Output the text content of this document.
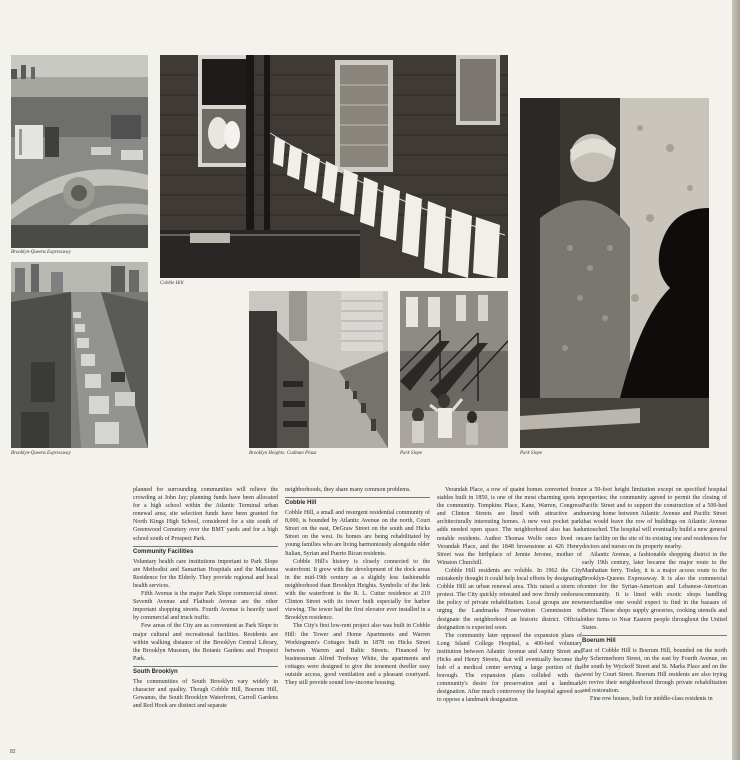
Brooklyn-Queens Expressway
Cobble Hill
Brooklyn-Queens Expressway	Brooklyn Heights: Cadman Plaza	Park Slope	Park Slope

planned for surrounding communities will relieve the crowding at John Jay; planning funds have been allocated for a high school within the Atlantic Terminal urban renewal area; site selection funds have been granted for North Kings High School, considered for a site south of Greenwood Cemetery over the BMT yards and for a high school south of Prospect Park.

Community Facilities

Voluntary health care institutions important to Park Slope are Methodist and Samaritan Hospitals and the Madonna Residence for the Elderly. They provide regional and local health services.

Fifth Avenue is the major Park Slope commercial street. Seventh Avenue and Flatbush Avenue are the other important shopping streets. Fourth Avenue is heavily used by commercial and truck traffic.

Few areas of the City are as convenient as Park Slope to major cultural and recreational facilities. Residents are within walking distance of the Brooklyn Central Library, the Brooklyn Museum, the Botanic Gardens and Prospect Park.

South Brooklyn

The communities of South Brooklyn vary widely in character and quality. Though Cobble Hill, Boerum Hill, Gowanus, the South Brooklyn Waterfront, Carroll Gardens and Red Hook are distinct and separate

neighborhoods, they share many common problems.

Cobble Hill

Cobble Hill, a small and resurgent residential community of 8,000, is bounded by Atlantic Avenue on the north, Court Street on the east, DeGraw Street on the south and Hicks Street on the west. Its homes are being rehabilitated by young families who are living harmoniously alongside older Italian, Syrian and Puerto Rican residents.

Cobble Hill's history is closely connected to the waterfront. It grew with the development of the dock areas in the mid-19th century as a slightly less fashionable neighborhood than Brooklyn Heights. Symbolic of the link with the waterfront is the R. L. Cutter residence at 219 Clinton Street with its tower built especially for harbor viewing. The tower had the first elevator ever installed in a Brooklyn residence.

The City's first low-rent project also was built in Cobble Hill: the Tower and Home Apartments and Warren Workingmen's Cottages built in 1878 on Hicks Street between Warren and Baltic Streets. Financed by businessman Alfred Tredway White, the apartments and cottages were designed to give the tenement dweller easy outside access, good ventilation and a pleasant courtyard. They still provide sound low-income housing.

Verandah Place, a row of quaint homes converted from stables built in 1850, is one of the most charming spots in the community. Tompkins Place, Kane, Warren, Congress and Clinton Streets are lined with attractive and architecturally interesting homes. A new vest pocket park adds needed open space. The neighborhood also has had notable residents. Author Thomas Wolfe once lived on Verandah Place, and the 1848 brownstone at 426 Henry Street was the birthplace of Jennie Jerome, mother of Winston Churchill.

Cobble Hill residents are voluble. In 1962 the City mistakenly thought it could help local efforts by designating Cobble Hill an urban renewal area. This raised a storm of protest. The City quickly retreated and now firmly endorses the policy of private rehabilitation. Local groups are now urging the Landmarks Preservation Commission to designate the neighborhood an historic district. Official designation is expected soon.

The community later opposed the expansion plans of Long Island College Hospital, a 400-bed voluntary institution between Atlantic Avenue and Amity Street and Hicks and Henry Streets, that will eventually become the hub of a medical center serving a large portion of the borough. The expansion plans collided with the community's desire for preservation and a landmark designation. After much controversy the hospital agreed not to oppose a landmark designation

or a 50-foot height limitation except on specified hospital properties; the community agreed to permit the closing of Pacific Street and to support the construction of a 500-bed nursing home between Atlantic Avenue and Pacific Street that would leave the row of buildings on Atlantic Avenue untouched. The hospital will eventually build a new general care facility on the site of its existing one and residences for doctors and nurses on its property nearby.

Atlantic Avenue, a fashionable shopping district in the early 19th century, later became the major route to the Manhattan ferry. Today, it is a major access route to the Brooklyn-Queens Expressway. It is also the commercial center for the Syrian-American and Lebanese-American community. It is lined with exotic shops handling merchandise one would expect to find in the bazaars of Beirut. These shops supply groceries, cooking utensils and other items to Near Eastern people throughout the United States.

Boerum Hill

East of Cobble Hill is Boerum Hill, bounded on the north by Schermerhorn Street, on the east by Fourth Avenue, on the south by Wyckoff Street and St. Marks Place and on the west by Court Street. Boerum Hill residents are also trying to revive their neighborhood through private rehabilitation and restoration.

Fine row houses, built for middle-class residents in

82
